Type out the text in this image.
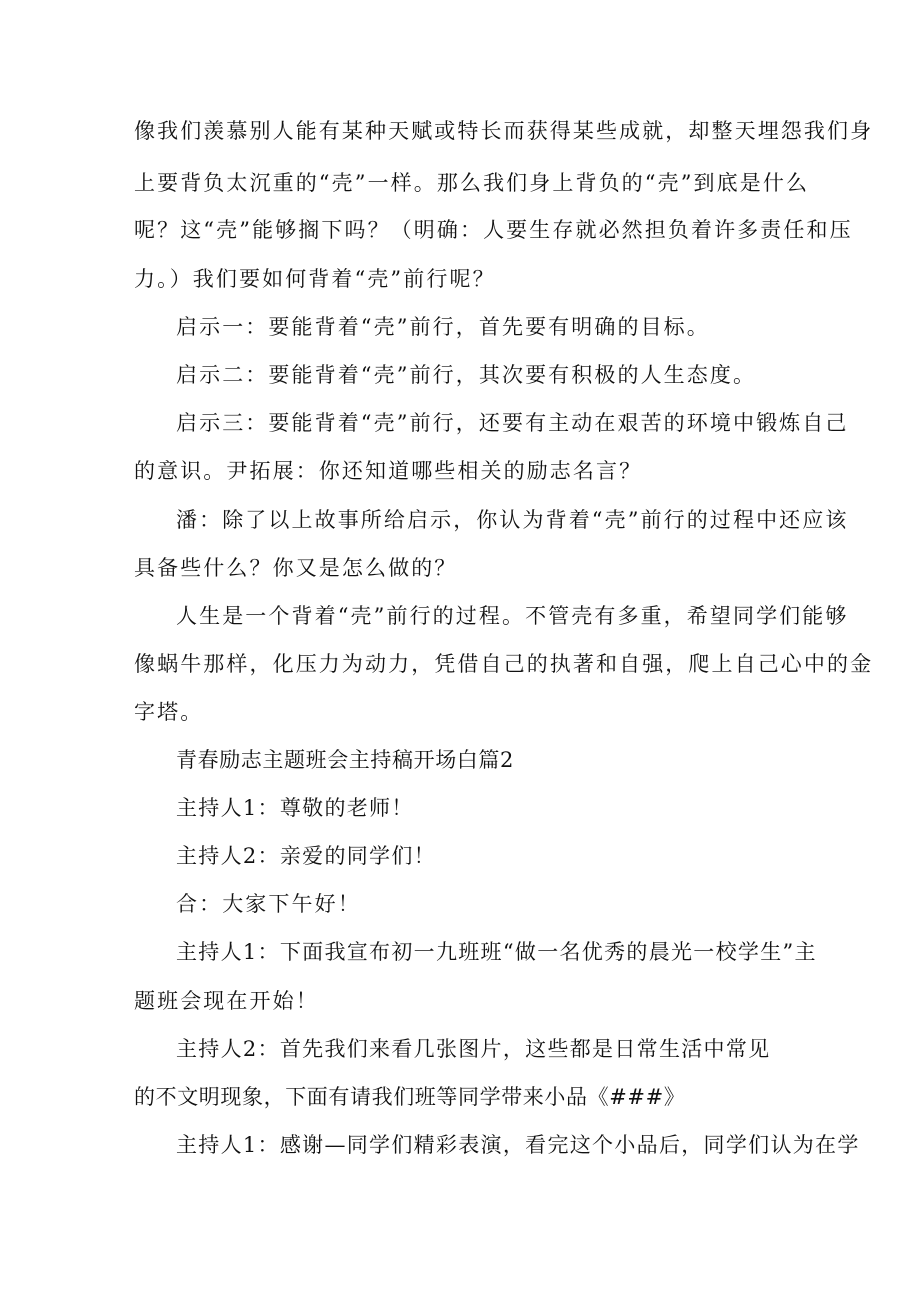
像我们羡慕别人能有某种天赋或特长而获得某些成就，却整天埋怨我们身
上要背负太沉重的“壳”一样。那么我们身上背负的“壳”到底是什么
呢？这“壳”能够搁下吗？（明确：人要生存就必然担负着许多责任和压
力。）我们要如何背着“壳”前行呢？
启示一：要能背着“壳”前行，首先要有明确的目标。
启示二：要能背着“壳”前行，其次要有积极的人生态度。
启示三：要能背着“壳”前行，还要有主动在艰苦的环境中锻炼自己
的意识。尹拓展：你还知道哪些相关的励志名言？
潘：除了以上故事所给启示，你认为背着“壳”前行的过程中还应该
具备些什么？你又是怎么做的？
人生是一个背着“壳”前行的过程。不管壳有多重，希望同学们能够
像蜗牛那样，化压力为动力，凭借自己的执著和自强，爬上自己心中的金
字塔。
青春励志主题班会主持稿开场白篇2
主持人1：尊敬的老师！
主持人2：亲爱的同学们！
合：大家下午好！
主持人1：下面我宣布初一九班班“做一名优秀的晨光一校学生”主
题班会现在开始！
主持人2：首先我们来看几张图片，这些都是日常生活中常见
的不文明现象，下面有请我们班等同学带来小品《###》
主持人1：感谢—同学们精彩表演，看完这个小品后，同学们认为在学
